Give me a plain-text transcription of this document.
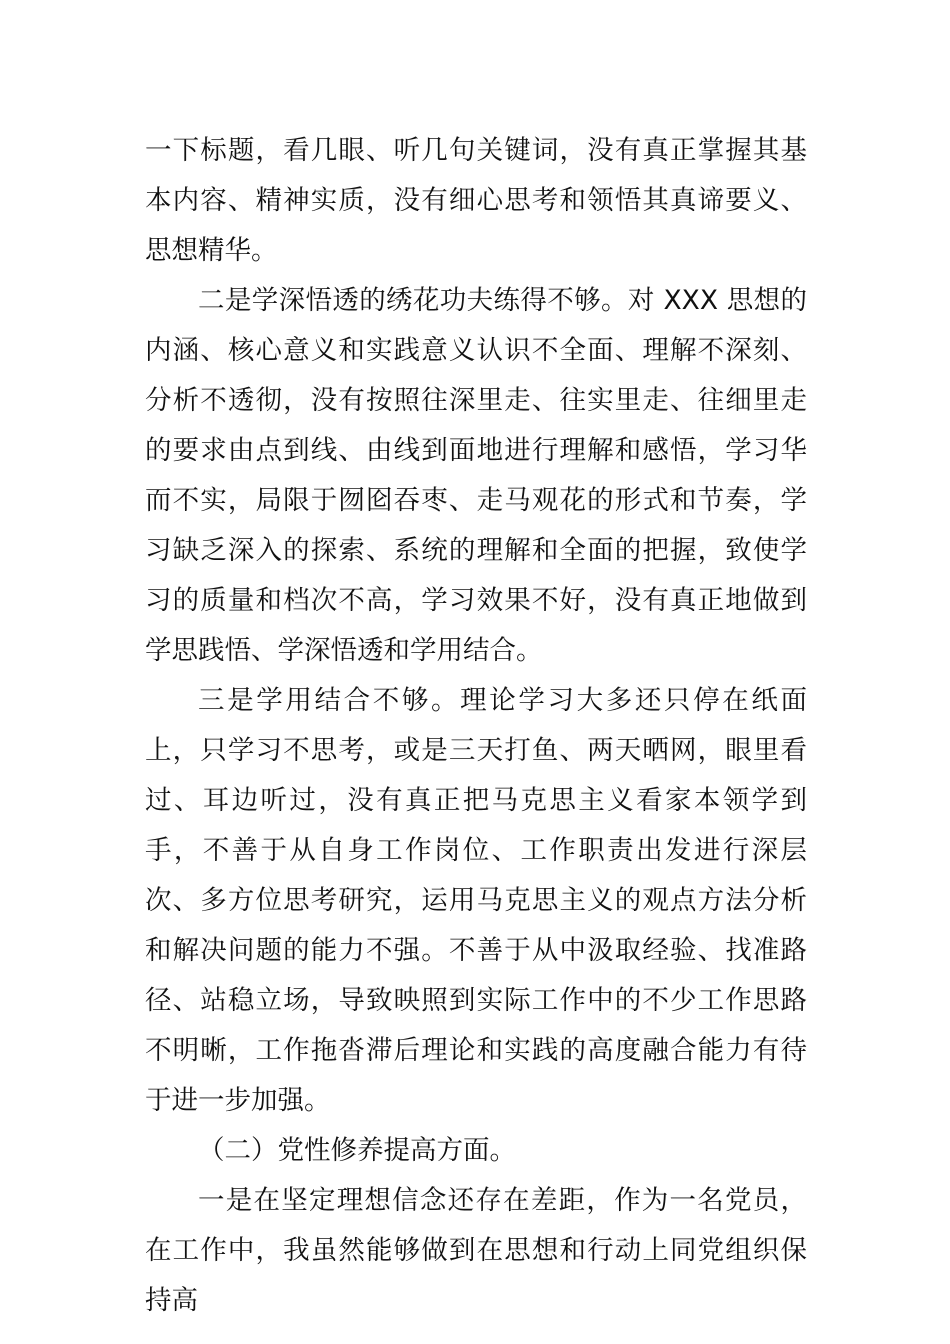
一下标题，看几眼、听几句关键词，没有真正掌握其基本内容、精神实质，没有细心思考和领悟其真谛要义、思想精华。

二是学深悟透的绣花功夫练得不够。对 XXX 思想的内涵、核心意义和实践意义认识不全面、理解不深刻、分析不透彻，没有按照往深里走、往实里走、往细里走的要求由点到线、由线到面地进行理解和感悟，学习华而不实，局限于囫囵吞枣、走马观花的形式和节奏，学习缺乏深入的探索、系统的理解和全面的把握，致使学习的质量和档次不高，学习效果不好，没有真正地做到学思践悟、学深悟透和学用结合。

三是学用结合不够。理论学习大多还只停在纸面上，只学习不思考，或是三天打鱼、两天晒网，眼里看过、耳边听过，没有真正把马克思主义看家本领学到手，不善于从自身工作岗位、工作职责出发进行深层次、多方位思考研究，运用马克思主义的观点方法分析和解决问题的能力不强。不善于从中汲取经验、找准路径、站稳立场，导致映照到实际工作中的不少工作思路不明晰，工作拖沓滞后理论和实践的高度融合能力有待于进一步加强。

（二）党性修养提高方面。

一是在坚定理想信念还存在差距，作为一名党员，在工作中，我虽然能够做到在思想和行动上同党组织保持高
